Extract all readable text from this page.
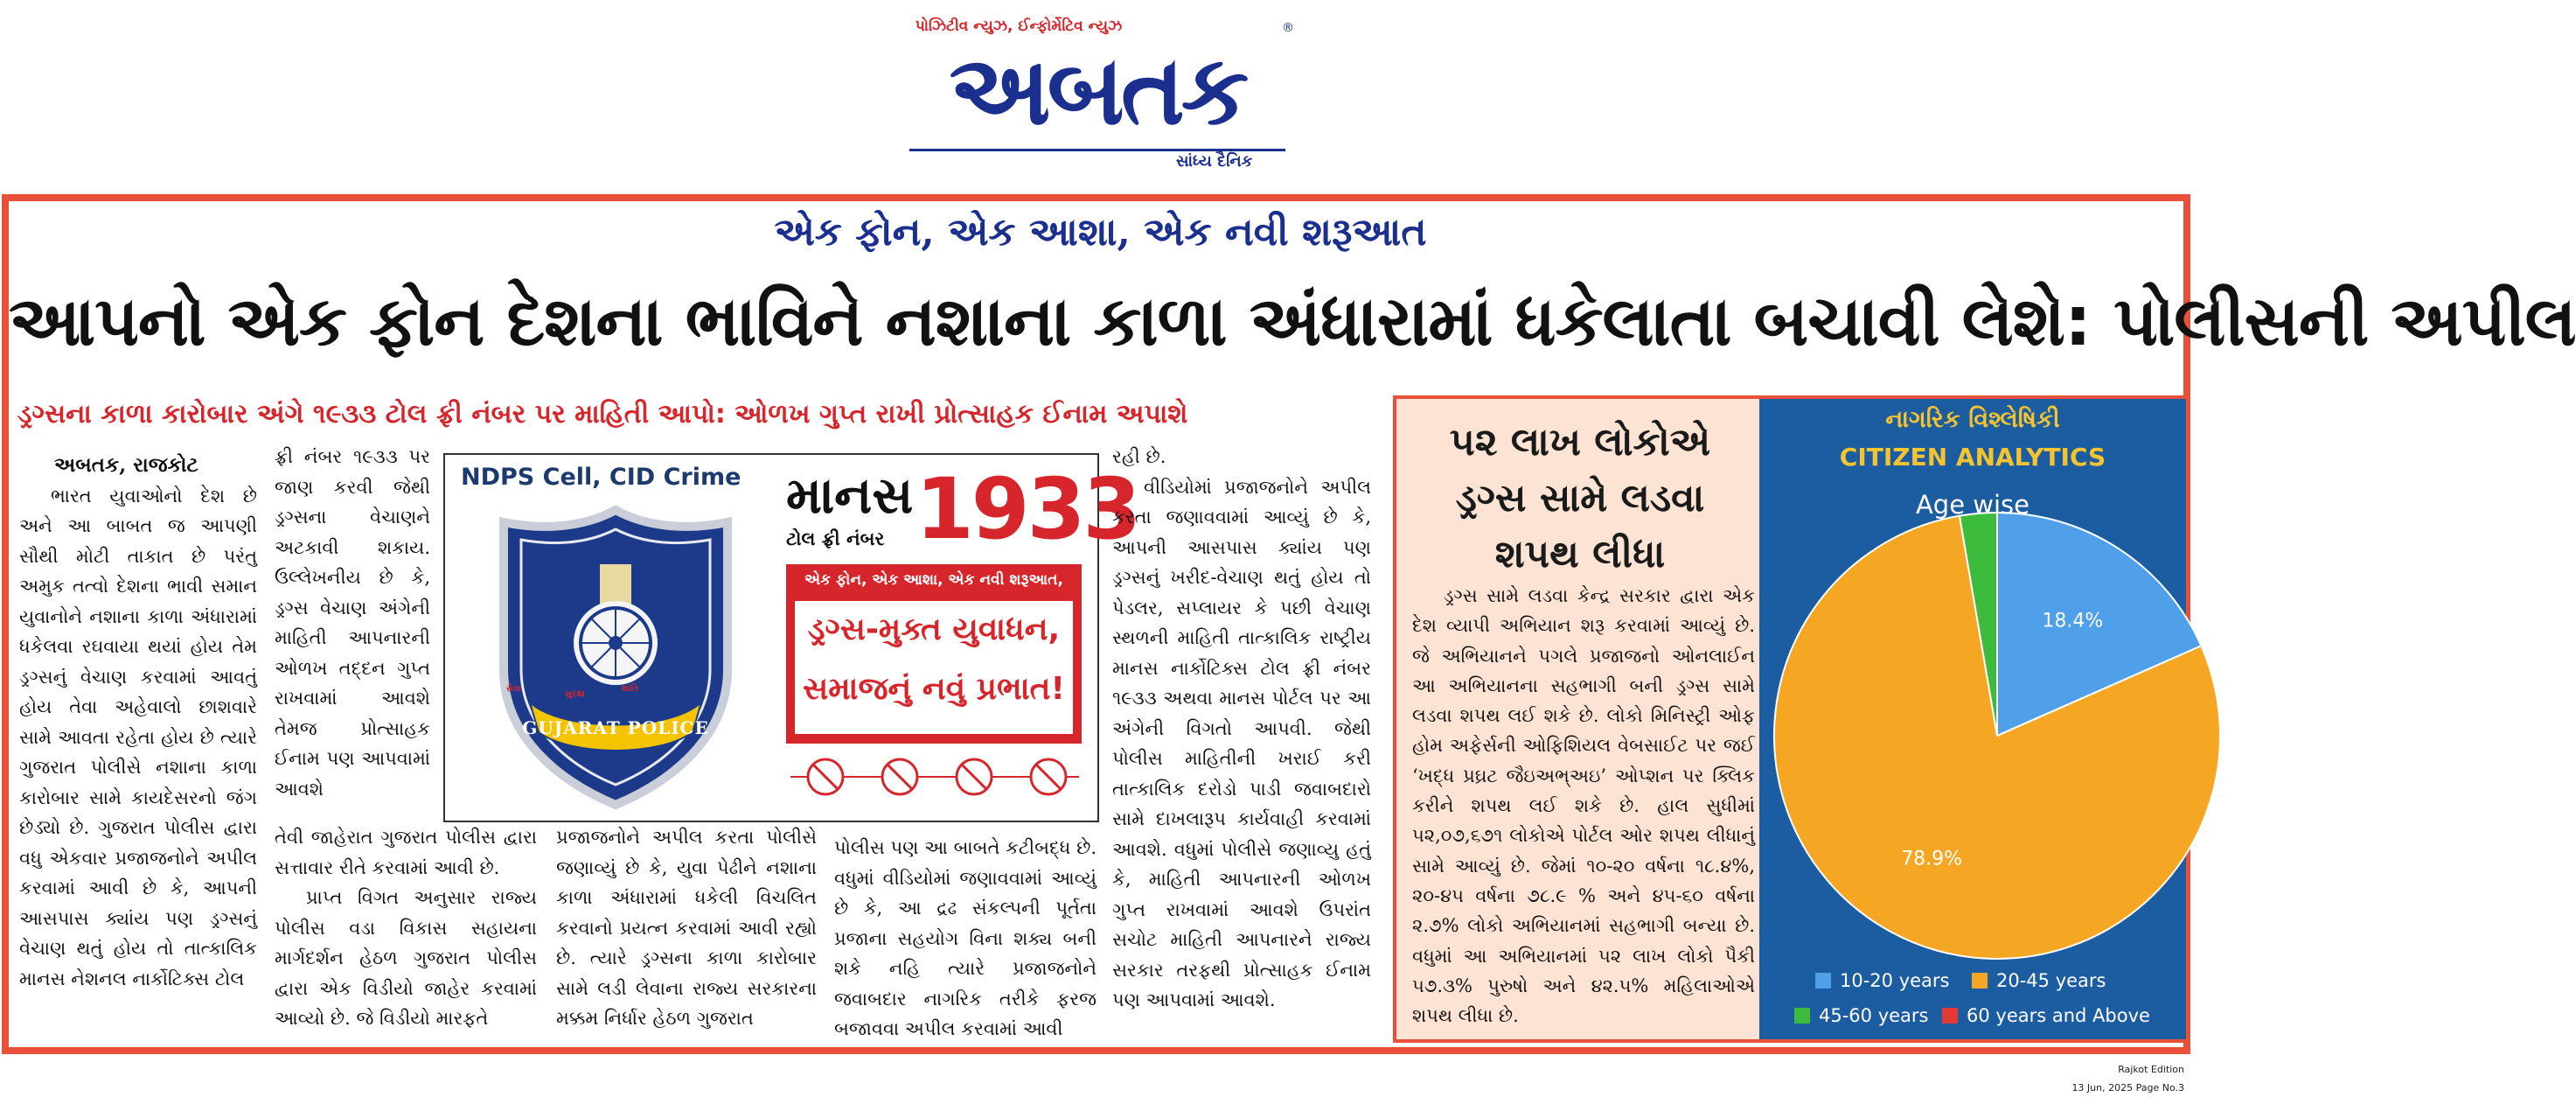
પોઝિટીવ ન્યુઝ, ઈન્ફોર્મેટિવ ન્યુઝ	®
અબતક
સાંધ્ય દૈનિક
એક ફોન, એક આશા, એક નવી શરૂઆત
આપનો એક ફોન દેશના ભાવિને નશાના કાળા અંધારામાં ધકેલાતા બચાવી લેશે: પોલીસની અપીલ
ડ્રગ્સના કાળા કારોબાર અંગે ૧૯૩૩ ટોલ ફ્રી નંબર પર માહિતી આપો: ઓળખ ગુપ્ત રાખી પ્રોત્સાહક ઈનામ અપાશે

અબતક, રાજકોટ

ભારત યુવાઓનો દેશ છે અને આ બાબત જ આપણી સૌથી મોટી તાકાત છે પરંતુ અમુક તત્વો દેશના ભાવી સમાન યુવાનોને નશાના કાળા અંધારામાં ધકેલવા રઘવાયા થયાં હોય તેમ ડ્રગ્સનું વેચાણ કરવામાં આવતું હોય તેવા અહેવાલો છાશવારે સામે આવતા રહેતા હોય છે ત્યારે ગુજરાત પોલીસે નશાના કાળા કારોબાર સામે કાયદેસરનો જંગ છેડ્યો છે. ગુજરાત પોલીસ દ્વારા વધુ એકવાર પ્રજાજનોને અપીલ કરવામાં આવી છે કે, આપની આસપાસ ક્યાંય પણ ડ્રગ્સનું વેચાણ થતું હોય તો તાત્કાલિક માનસ નેશનલ નાર્કોટિક્સ ટોલ

ફ્રી નંબર ૧૯૩૩ પર જાણ કરવી જેથી ડ્રગ્સના વેચાણને અટકાવી શકાય. ઉલ્લેખનીય છે કે, ડ્રગ્સ વેચાણ અંગેની માહિતી આપનારની ઓળખ તદ્દન ગુપ્ત રાખવામાં આવશે તેમજ પ્રોત્સાહક ઈનામ પણ આપવામાં આવશે

NDPS Cell, CID Crime
સેવા
સુરક્ષા
શાંતિ
GUJARAT POLICE
માનસ
ટોલ ફ્રી નંબર 1933
એક ફોન, એક આશા, એક નવી શરૂઆત,
ડ્રગ્સ-મુક્ત યુવાધન,
સમાજનું નવું પ્રભાત!

રહી છે.

વીડિયોમાં પ્રજાજનોને અપીલ કરતા જણાવવામાં આવ્યું છે કે, આપની આસપાસ ક્યાંય પણ ડ્રગ્સનું ખરીદ-વેચાણ થતું હોય તો પેડલર, સપ્લાયર કે પછી વેચાણ સ્થળની માહિતી તાત્કાલિક રાષ્ટ્રીય માનસ નાર્કોટિક્સ ટોલ ફ્રી નંબર ૧૯૩૩ અથવા માનસ પોર્ટલ પર આ અંગેની વિગતો આપવી. જેથી પોલીસ માહિતીની ખરાઈ કરી તાત્કાલિક દરોડો પાડી જવાબદારો સામે દાખલારૂપ કાર્યવાહી કરવામાં આવશે. વધુમાં પોલીસે જણાવ્યુ હતું કે, માહિતી આપનારની ઓળખ ગુપ્ત રાખવામાં આવશે ઉપરાંત સચોટ માહિતી આપનારને રાજ્ય સરકાર તરફથી પ્રોત્સાહક ઈનામ પણ આપવામાં આવશે.

તેવી જાહેરાત ગુજરાત પોલીસ દ્વારા સત્તાવાર રીતે કરવામાં આવી છે.

પ્રાપ્ત વિગત અનુસાર રાજ્ય પોલીસ વડા વિકાસ સહાયના માર્ગદર્શન હેઠળ ગુજરાત પોલીસ દ્વારા એક વિડીયો જાહેર કરવામાં આવ્યો છે. જે વિડીયો મારફતે

પ્રજાજનોને અપીલ કરતા પોલીસે જણાવ્યું છે કે, યુવા પેઢીને નશાના કાળા અંધારામાં ધકેલી વિચલિત કરવાનો પ્રયત્ન કરવામાં આવી રહ્યો છે. ત્યારે ડ્રગ્સના કાળા કારોબાર સામે લડી લેવાના રાજ્ય સરકારના મક્કમ નિર્ધાર હેઠળ ગુજરાત

પોલીસ પણ આ બાબતે કટીબદ્ધ છે. વધુમાં વીડિયોમાં જણાવવામાં આવ્યું છે કે, આ દ્રઢ સંકલ્પની પૂર્તતા પ્રજાના સહયોગ વિના શક્ય બની શકે નહિ ત્યારે પ્રજાજનોને જવાબદાર નાગરિક તરીકે ફરજ બજાવવા અપીલ કરવામાં આવી

૫૨ લાખ લોકોએ ડ્રગ્સ સામે લડવા શપથ લીધા

ડ્રગ્સ સામે લડવા કેન્દ્ર સરકાર દ્વારા એક દેશ વ્યાપી અભિયાન શરૂ કરવામાં આવ્યું છે. જે અભિયાનને પગલે પ્રજાજનો ઓનલાઈન આ અભિયાનના સહભાગી બની ડ્રગ્સ સામે લડવા શપથ લઈ શકે છે. લોકો મિનિસ્ટ્રી ઓફ હોમ અફેર્સની ઓફિશિયલ વેબસાઈટ પર જઈ ‘ખદ્ધ પ્રઘ્રટ જૈઇઅભ્અઇ’ ઓપ્શન પર ક્લિક કરીને શપથ લઈ શકે છે. હાલ સુધીમાં ૫૨,૦૭,૬૭૧ લોકોએ પોર્ટલ ઓર શપથ લીધાનું સામે આવ્યું છે. જેમાં ૧૦-૨૦ વર્ષના ૧૮.૪%, ૨૦-૪૫ વર્ષના ૭૮.૯ % અને ૪૫-૬૦ વર્ષના ૨.૭% લોકો અભિયાનમાં સહભાગી બન્યા છે. વધુમાં આ અભિયાનમાં ૫૨ લાખ લોકો પૈકી ૫૭.૩% પુરુષો અને ૪૨.૫% મહિલાઓએ શપથ લીધા છે.

18.4%
78.9%
10-20 years	20-45 years
45-60 years 60 years and Above
નાગરિક વિશ્લેષિકી
CITIZEN ANALYTICS
Age wise
Rajkot Edition
13 Jun, 2025 Page No.3
